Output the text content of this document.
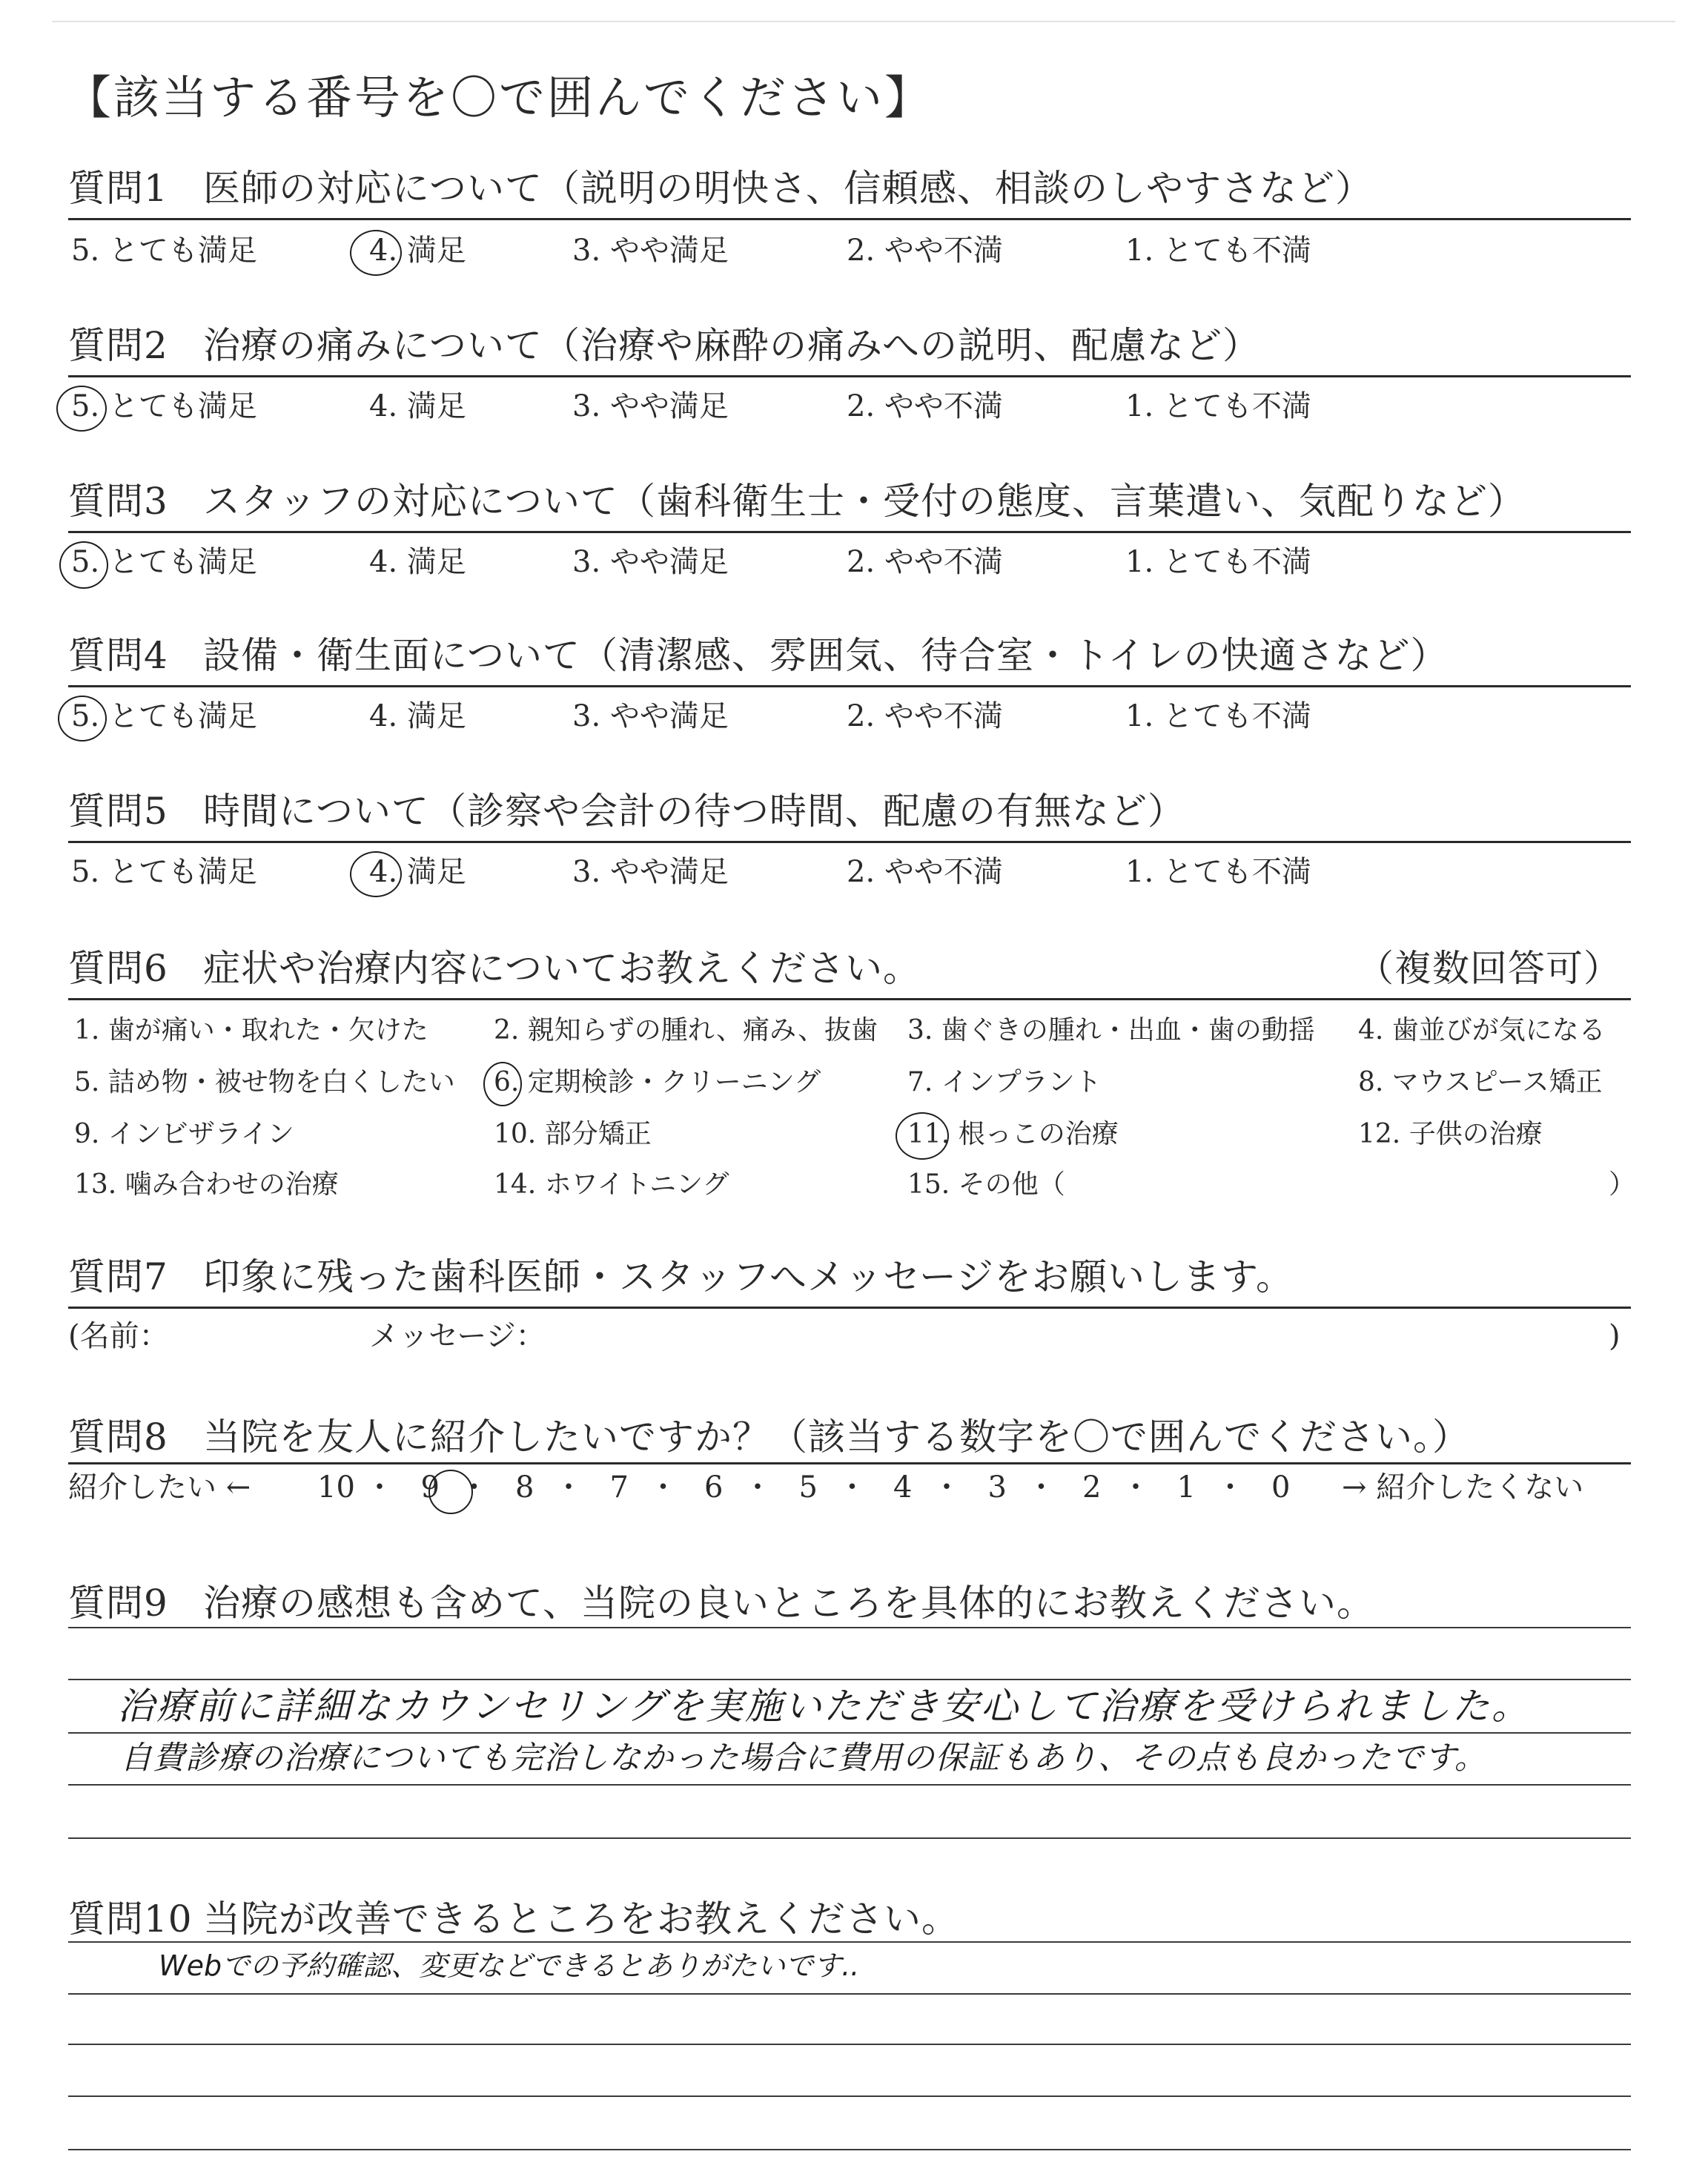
【該当する番号を〇で囲んでください】
質問1 医師の対応について（説明の明快さ、信頼感、相談のしやすさなど）
5. とても満足	4. 満足	3. やや満足	2. やや不満	1. とても不満
質問2 治療の痛みについて（治療や麻酔の痛みへの説明、配慮など）
5. とても満足	4. 満足	3. やや満足	2. やや不満	1. とても不満
質問3 スタッフの対応について（歯科衛生士・受付の態度、言葉遣い、気配りなど）
5. とても満足	4. 満足	3. やや満足	2. やや不満	1. とても不満
質問4 設備・衛生面について（清潔感、雰囲気、待合室・トイレの快適さなど）
5. とても満足	4. 満足	3. やや満足	2. やや不満	1. とても不満
質問5 時間について（診察や会計の待つ時間、配慮の有無など）
5. とても満足	4. 満足	3. やや満足	2. やや不満	1. とても不満
質問6 症状や治療内容についてお教えください。	（複数回答可）
1. 歯が痛い・取れた・欠けた 2. 親知らずの腫れ、痛み、抜歯 3. 歯ぐきの腫れ・出血・歯の動揺 4. 歯並びが気になる
5. 詰め物・被せ物を白くしたい 6. 定期検診・クリーニング	7. インプラント	8. マウスピース矯正
9. インビザライン	10. 部分矯正	11. 根っこの治療	12. 子供の治療
13. 噛み合わせの治療	14. ホワイトニング	15. その他（	）
質問7 印象に残った歯科医師・スタッフへメッセージをお願いします。
(名前：	メッセージ：	)
質問8 当院を友人に紹介したいですか？（該当する数字を〇で囲んでください。）
紹介したい ←	→ 紹介したくない
10 ・ 9 ・ 8 ・ 7 ・ 6 ・ 5 ・ 4 ・ 3 ・ 2 ・ 1 ・ 0
質問9 治療の感想も含めて、当院の良いところを具体的にお教えください。
治療前に詳細なカウンセリングを実施いただき安心して治療を受けられました。
自費診療の治療についても完治しなかった場合に費用の保証もあり、その点も良かったです。
質問10 当院が改善できるところをお教えください。
Webでの予約確認、変更などできるとありがたいです..
